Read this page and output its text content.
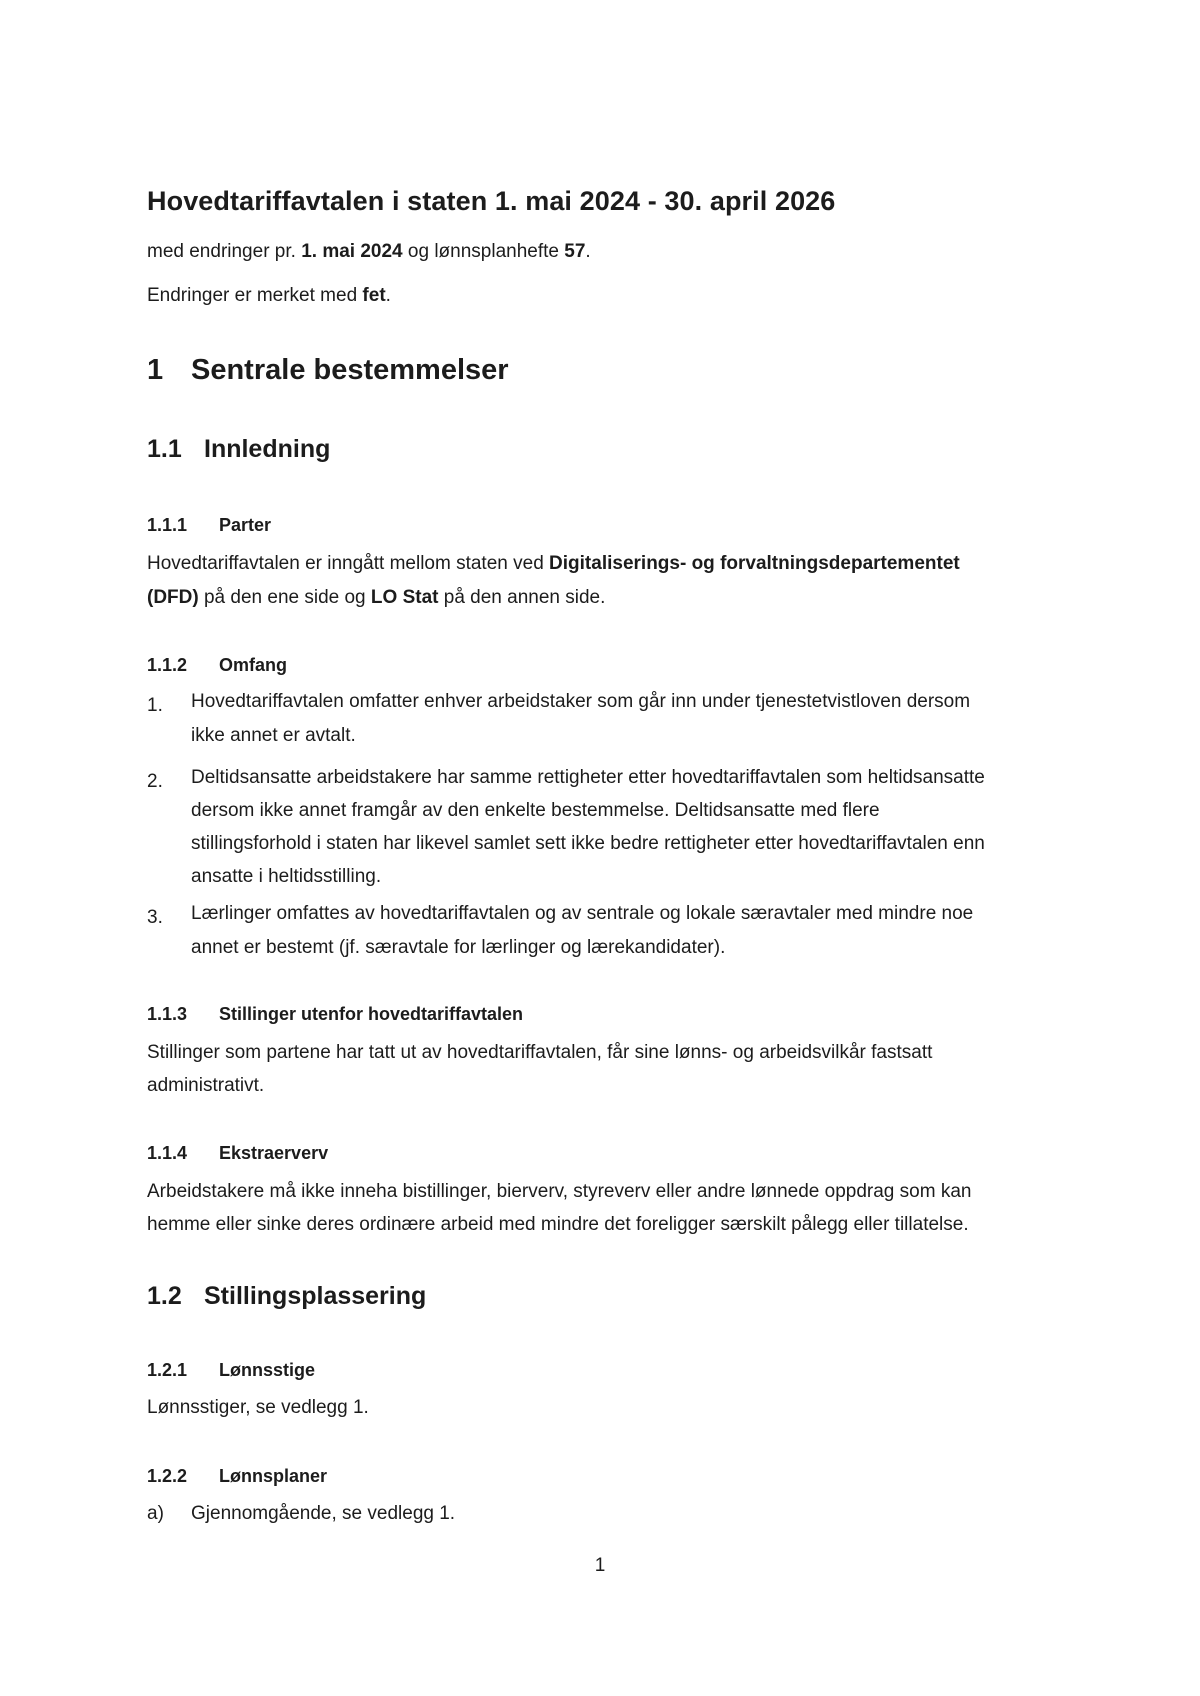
Hovedtariffavtalen i staten 1. mai 2024 - 30. april 2026
med endringer pr. 1. mai 2024 og lønnsplanhefte 57.
Endringer er merket med fet.
1 Sentrale bestemmelser
1.1 Innledning
1.1.1 Parter
Hovedtariffavtalen er inngått mellom staten ved Digitaliserings- og forvaltningsdepartementet
(DFD) på den ene side og LO Stat på den annen side.
1.1.2 Omfang
1. Hovedtariffavtalen omfatter enhver arbeidstaker som går inn under tjenestetvistloven dersom
ikke annet er avtalt.
2. Deltidsansatte arbeidstakere har samme rettigheter etter hovedtariffavtalen som heltidsansatte
dersom ikke annet framgår av den enkelte bestemmelse. Deltidsansatte med flere
stillingsforhold i staten har likevel samlet sett ikke bedre rettigheter etter hovedtariffavtalen enn
ansatte i heltidsstilling.
3. Lærlinger omfattes av hovedtariffavtalen og av sentrale og lokale særavtaler med mindre noe
annet er bestemt (jf. særavtale for lærlinger og lærekandidater).
1.1.3 Stillinger utenfor hovedtariffavtalen
Stillinger som partene har tatt ut av hovedtariffavtalen, får sine lønns- og arbeidsvilkår fastsatt
administrativt.
1.1.4 Ekstraerverv
Arbeidstakere må ikke inneha bistillinger, bierverv, styreverv eller andre lønnede oppdrag som kan
hemme eller sinke deres ordinære arbeid med mindre det foreligger særskilt pålegg eller tillatelse.
1.2 Stillingsplassering
1.2.1 Lønnsstige
Lønnsstiger, se vedlegg 1.
1.2.2 Lønnsplaner
a) Gjennomgående, se vedlegg 1.
1
